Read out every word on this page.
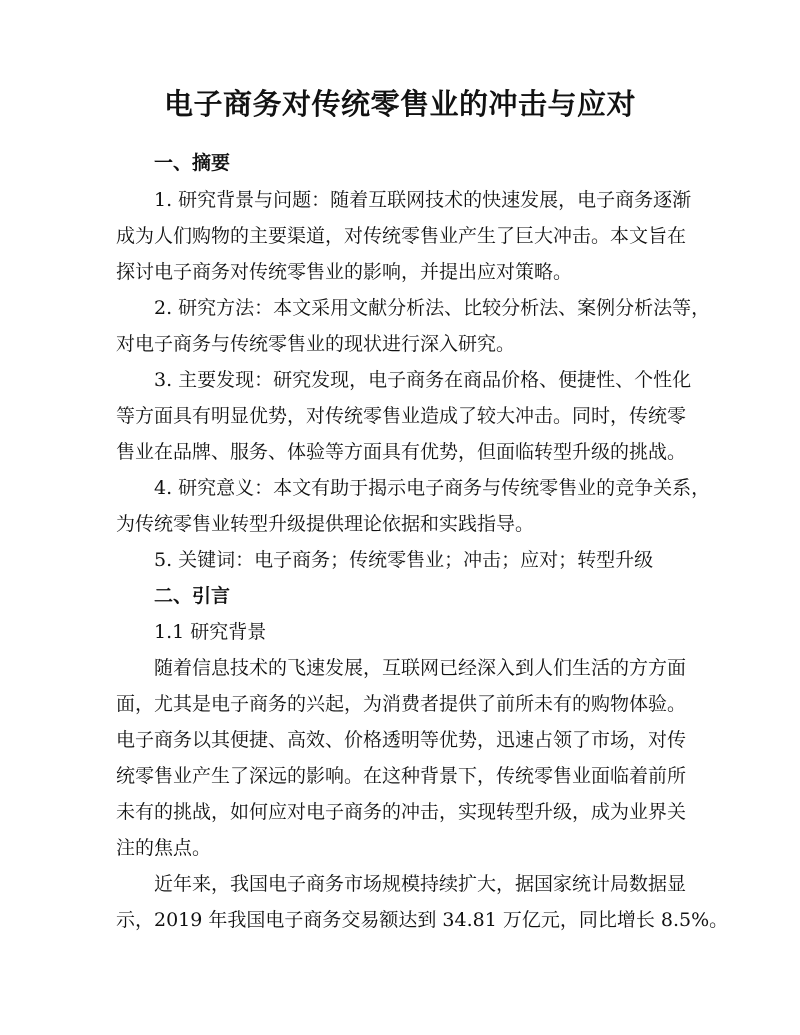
电子商务对传统零售业的冲击与应对
一、摘要
1. 研究背景与问题：随着互联网技术的快速发展，电子商务逐渐
成为人们购物的主要渠道，对传统零售业产生了巨大冲击。本文旨在
探讨电子商务对传统零售业的影响，并提出应对策略。
2. 研究方法：本文采用文献分析法、比较分析法、案例分析法等，
对电子商务与传统零售业的现状进行深入研究。
3. 主要发现：研究发现，电子商务在商品价格、便捷性、个性化
等方面具有明显优势，对传统零售业造成了较大冲击。同时，传统零
售业在品牌、服务、体验等方面具有优势，但面临转型升级的挑战。
4. 研究意义：本文有助于揭示电子商务与传统零售业的竞争关系，
为传统零售业转型升级提供理论依据和实践指导。
5. 关键词：电子商务；传统零售业；冲击；应对；转型升级
二、引言
1.1 研究背景
随着信息技术的飞速发展，互联网已经深入到人们生活的方方面
面，尤其是电子商务的兴起，为消费者提供了前所未有的购物体验。
电子商务以其便捷、高效、价格透明等优势，迅速占领了市场，对传
统零售业产生了深远的影响。在这种背景下，传统零售业面临着前所
未有的挑战，如何应对电子商务的冲击，实现转型升级，成为业界关
注的焦点。
近年来，我国电子商务市场规模持续扩大，据国家统计局数据显
示，2019 年我国电子商务交易额达到 34.81 万亿元，同比增长 8.5%。
